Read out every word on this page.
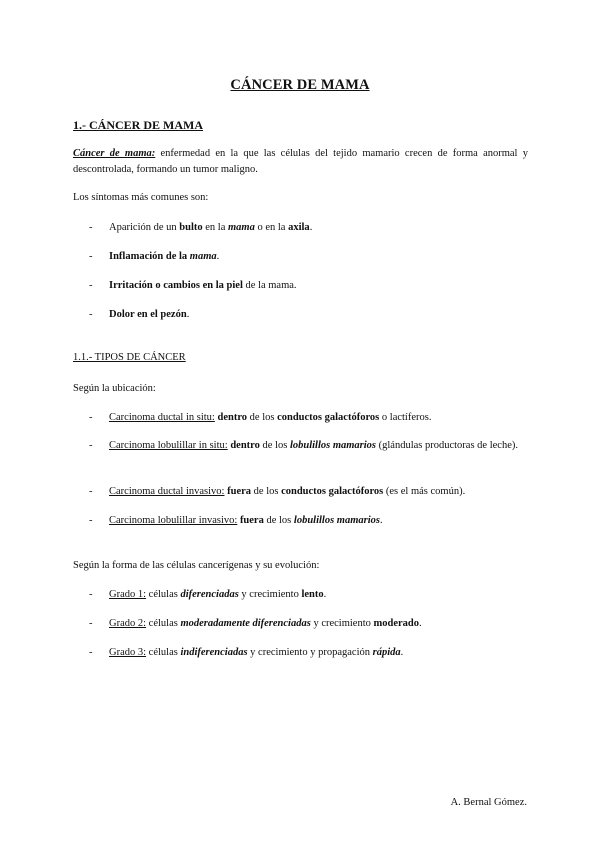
CÁNCER DE MAMA
1.- CÁNCER DE MAMA
Cáncer de mama: enfermedad en la que las células del tejido mamario crecen de forma anormal y descontrolada, formando un tumor maligno.
Los síntomas más comunes son:
- Aparición de un bulto en la mama o en la axila.
- Inflamación de la mama.
- Irritación o cambios en la piel de la mama.
- Dolor en el pezón.
1.1.- TIPOS DE CÁNCER
Según la ubicación:
- Carcinoma ductal in situ: dentro de los conductos galactóforos o lactíferos.
- Carcinoma lobulillar in situ: dentro de los lobulillos mamarios (glándulas productoras de leche).
- Carcinoma ductal invasivo: fuera de los conductos galactóforos (es el más común).
- Carcinoma lobulillar invasivo: fuera de los lobulillos mamarios.
Según la forma de las células cancerígenas y su evolución:
- Grado 1: células diferenciadas y crecimiento lento.
- Grado 2: células moderadamente diferenciadas y crecimiento moderado.
- Grado 3: células indiferenciadas y crecimiento y propagación rápida.
A. Bernal Gómez.
